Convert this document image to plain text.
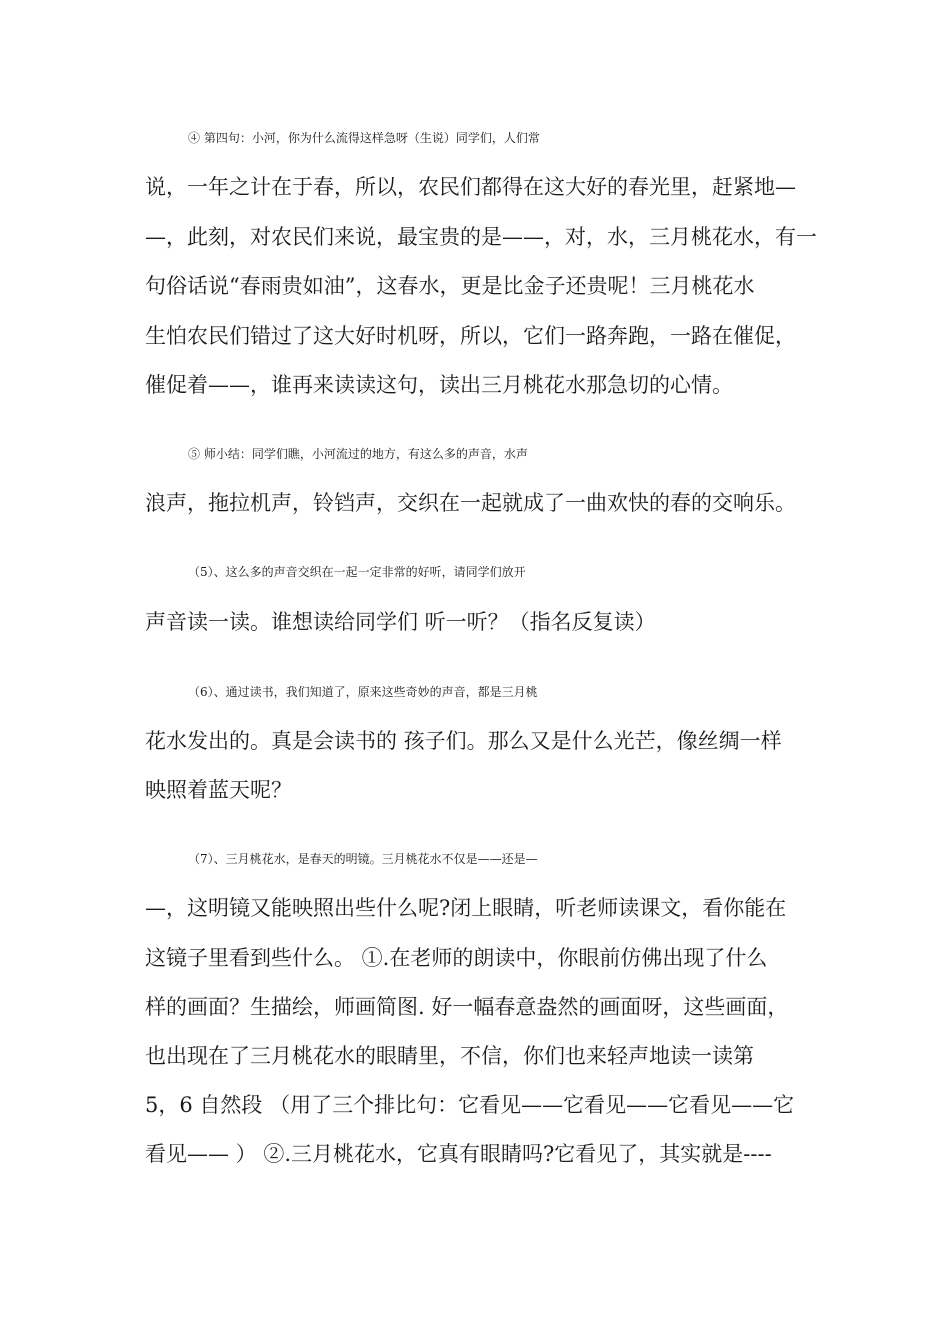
④ 第四句：小河，你为什么流得这样急呀（生说）同学们，人们常
说，一年之计在于春，所以，农民们都得在这大好的春光里，赶紧地—
—，此刻，对农民们来说，最宝贵的是——，对，水，三月桃花水，有一
句俗话说“春雨贵如油”，这春水，更是比金子还贵呢！三月桃花水
生怕农民们错过了这大好时机呀，所以，它们一路奔跑，一路在催促，
催促着——，谁再来读读这句，读出三月桃花水那急切的心情。
⑤ 师小结：同学们瞧，小河流过的地方，有这么多的声音，水声
浪声，拖拉机声，铃铛声，交织在一起就成了一曲欢快的春的交响乐。
（5）、这么多的声音交织在一起一定非常的好听，请同学们放开
声音读一读。谁想读给同学们 听一听？（指名反复读）
（6）、通过读书，我们知道了，原来这些奇妙的声音，都是三月桃
花水发出的。真是会读书的 孩子们。那么又是什么光芒，像丝绸一样
映照着蓝天呢？
（7）、三月桃花水，是春天的明镜。三月桃花水不仅是——还是—
—，这明镜又能映照出些什么呢?闭上眼睛，听老师读课文，看你能在
这镜子里看到些什么。 ①.在老师的朗读中，你眼前仿佛出现了什么
样的画面？生描绘，师画简图. 好一幅春意盎然的画面呀，这些画面，
也出现在了三月桃花水的眼睛里，不信，你们也来轻声地读一读第
5，6 自然段 （用了三个排比句：它看见——它看见——它看见——它
看见—— ） ②.三月桃花水，它真有眼睛吗?它看见了，其实就是----
